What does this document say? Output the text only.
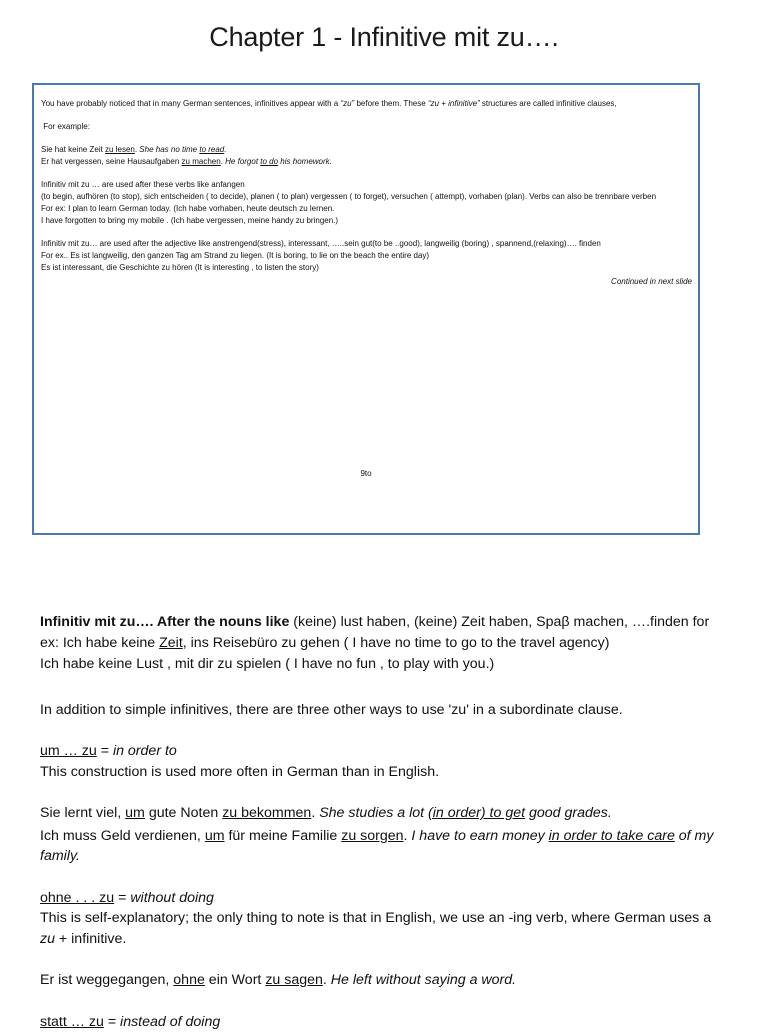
Chapter 1 - Infinitive mit zu….

You have probably noticed that in many German sentences, infinitives appear with a “zu” before them. These “zu + infinitive” structures are called infinitive clauses,

For example:

Sie hat keine Zeit zu lesen. She has no time to read.

Er hat vergessen, seine Hausaufgaben zu machen. He forgot to do his homework.

Infinitiv mit zu … are used after these verbs like anfangen

(to begin, aufhören (to stop), sich entscheiden ( to decide), planen ( to plan) vergessen ( to forget), versuchen ( attempt), vorhaben (plan). Verbs can also be trennbare verben

For ex: I plan to learn German today. (Ich habe vorhaben, heute deutsch zu lernen.

I have forgotten to bring my mobile . (Ich habe vergessen, meine handy zu bringen.)

Infinitiv mit zu… are used after the adjective like anstrengend(stress), interessant, …..sein gut(to be ..good), langweilig (boring) , spannend,(relaxing)…. finden

For ex.. Es ist langweilig, den ganzen Tag am Strand zu liegen. (It is boring, to lie on the beach the entire day)

Es ist interessant, die Geschichte zu hören (It is interesting , to listen the story)

Continued in next slide

9to

Infinitiv mit zu…. After the nouns like (keine) lust haben, (keine) Zeit haben, Spaβ machen, ….finden for ex: Ich habe keine Zeit, ins Reisebüro zu gehen ( I have no time to go to the travel agency)

Ich habe keine Lust , mit dir zu spielen ( I have no fun , to play with you.)

In addition to simple infinitives, there are three other ways to use 'zu' in a subordinate clause.

um … zu = in order to

This construction is used more often in German than in English.

Sie lernt viel, um gute Noten zu bekommen. She studies a lot (in order) to get good grades.

Ich muss Geld verdienen, um für meine Familie zu sorgen. I have to earn money in order to take care of my family.

ohne . . . zu = without doing

This is self-explanatory; the only thing to note is that in English, we use an -ing verb, where German uses a zu + infinitive.

Er ist weggegangen, ohne ein Wort zu sagen. He left without saying a word.

statt … zu = instead of doing
